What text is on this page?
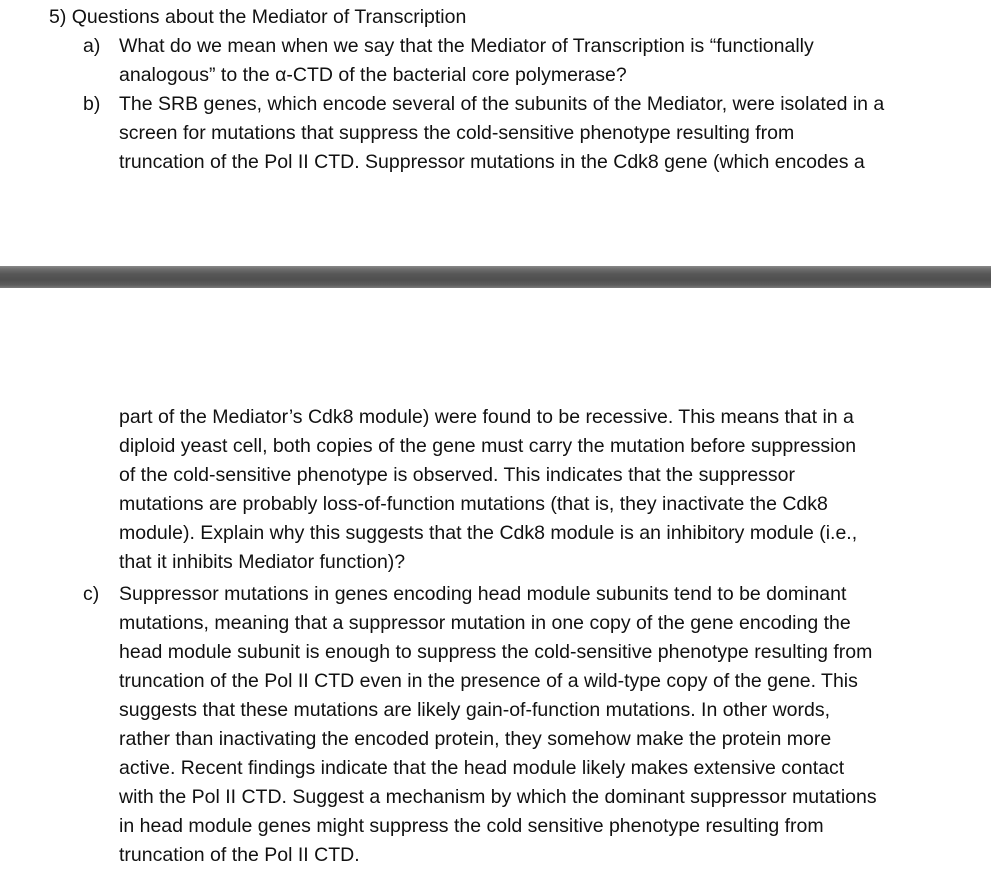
5) Questions about the Mediator of Transcription
a) What do we mean when we say that the Mediator of Transcription is “functionally
analogous” to the α-CTD of the bacterial core polymerase?
b) The SRB genes, which encode several of the subunits of the Mediator, were isolated in a
screen for mutations that suppress the cold-sensitive phenotype resulting from
truncation of the Pol II CTD. Suppressor mutations in the Cdk8 gene (which encodes a
part of the Mediator’s Cdk8 module) were found to be recessive. This means that in a
diploid yeast cell, both copies of the gene must carry the mutation before suppression
of the cold-sensitive phenotype is observed. This indicates that the suppressor
mutations are probably loss-of-function mutations (that is, they inactivate the Cdk8
module). Explain why this suggests that the Cdk8 module is an inhibitory module (i.e.,
that it inhibits Mediator function)?
c) Suppressor mutations in genes encoding head module subunits tend to be dominant
mutations, meaning that a suppressor mutation in one copy of the gene encoding the
head module subunit is enough to suppress the cold-sensitive phenotype resulting from
truncation of the Pol II CTD even in the presence of a wild-type copy of the gene. This
suggests that these mutations are likely gain-of-function mutations. In other words,
rather than inactivating the encoded protein, they somehow make the protein more
active. Recent findings indicate that the head module likely makes extensive contact
with the Pol II CTD. Suggest a mechanism by which the dominant suppressor mutations
in head module genes might suppress the cold sensitive phenotype resulting from
truncation of the Pol II CTD.
